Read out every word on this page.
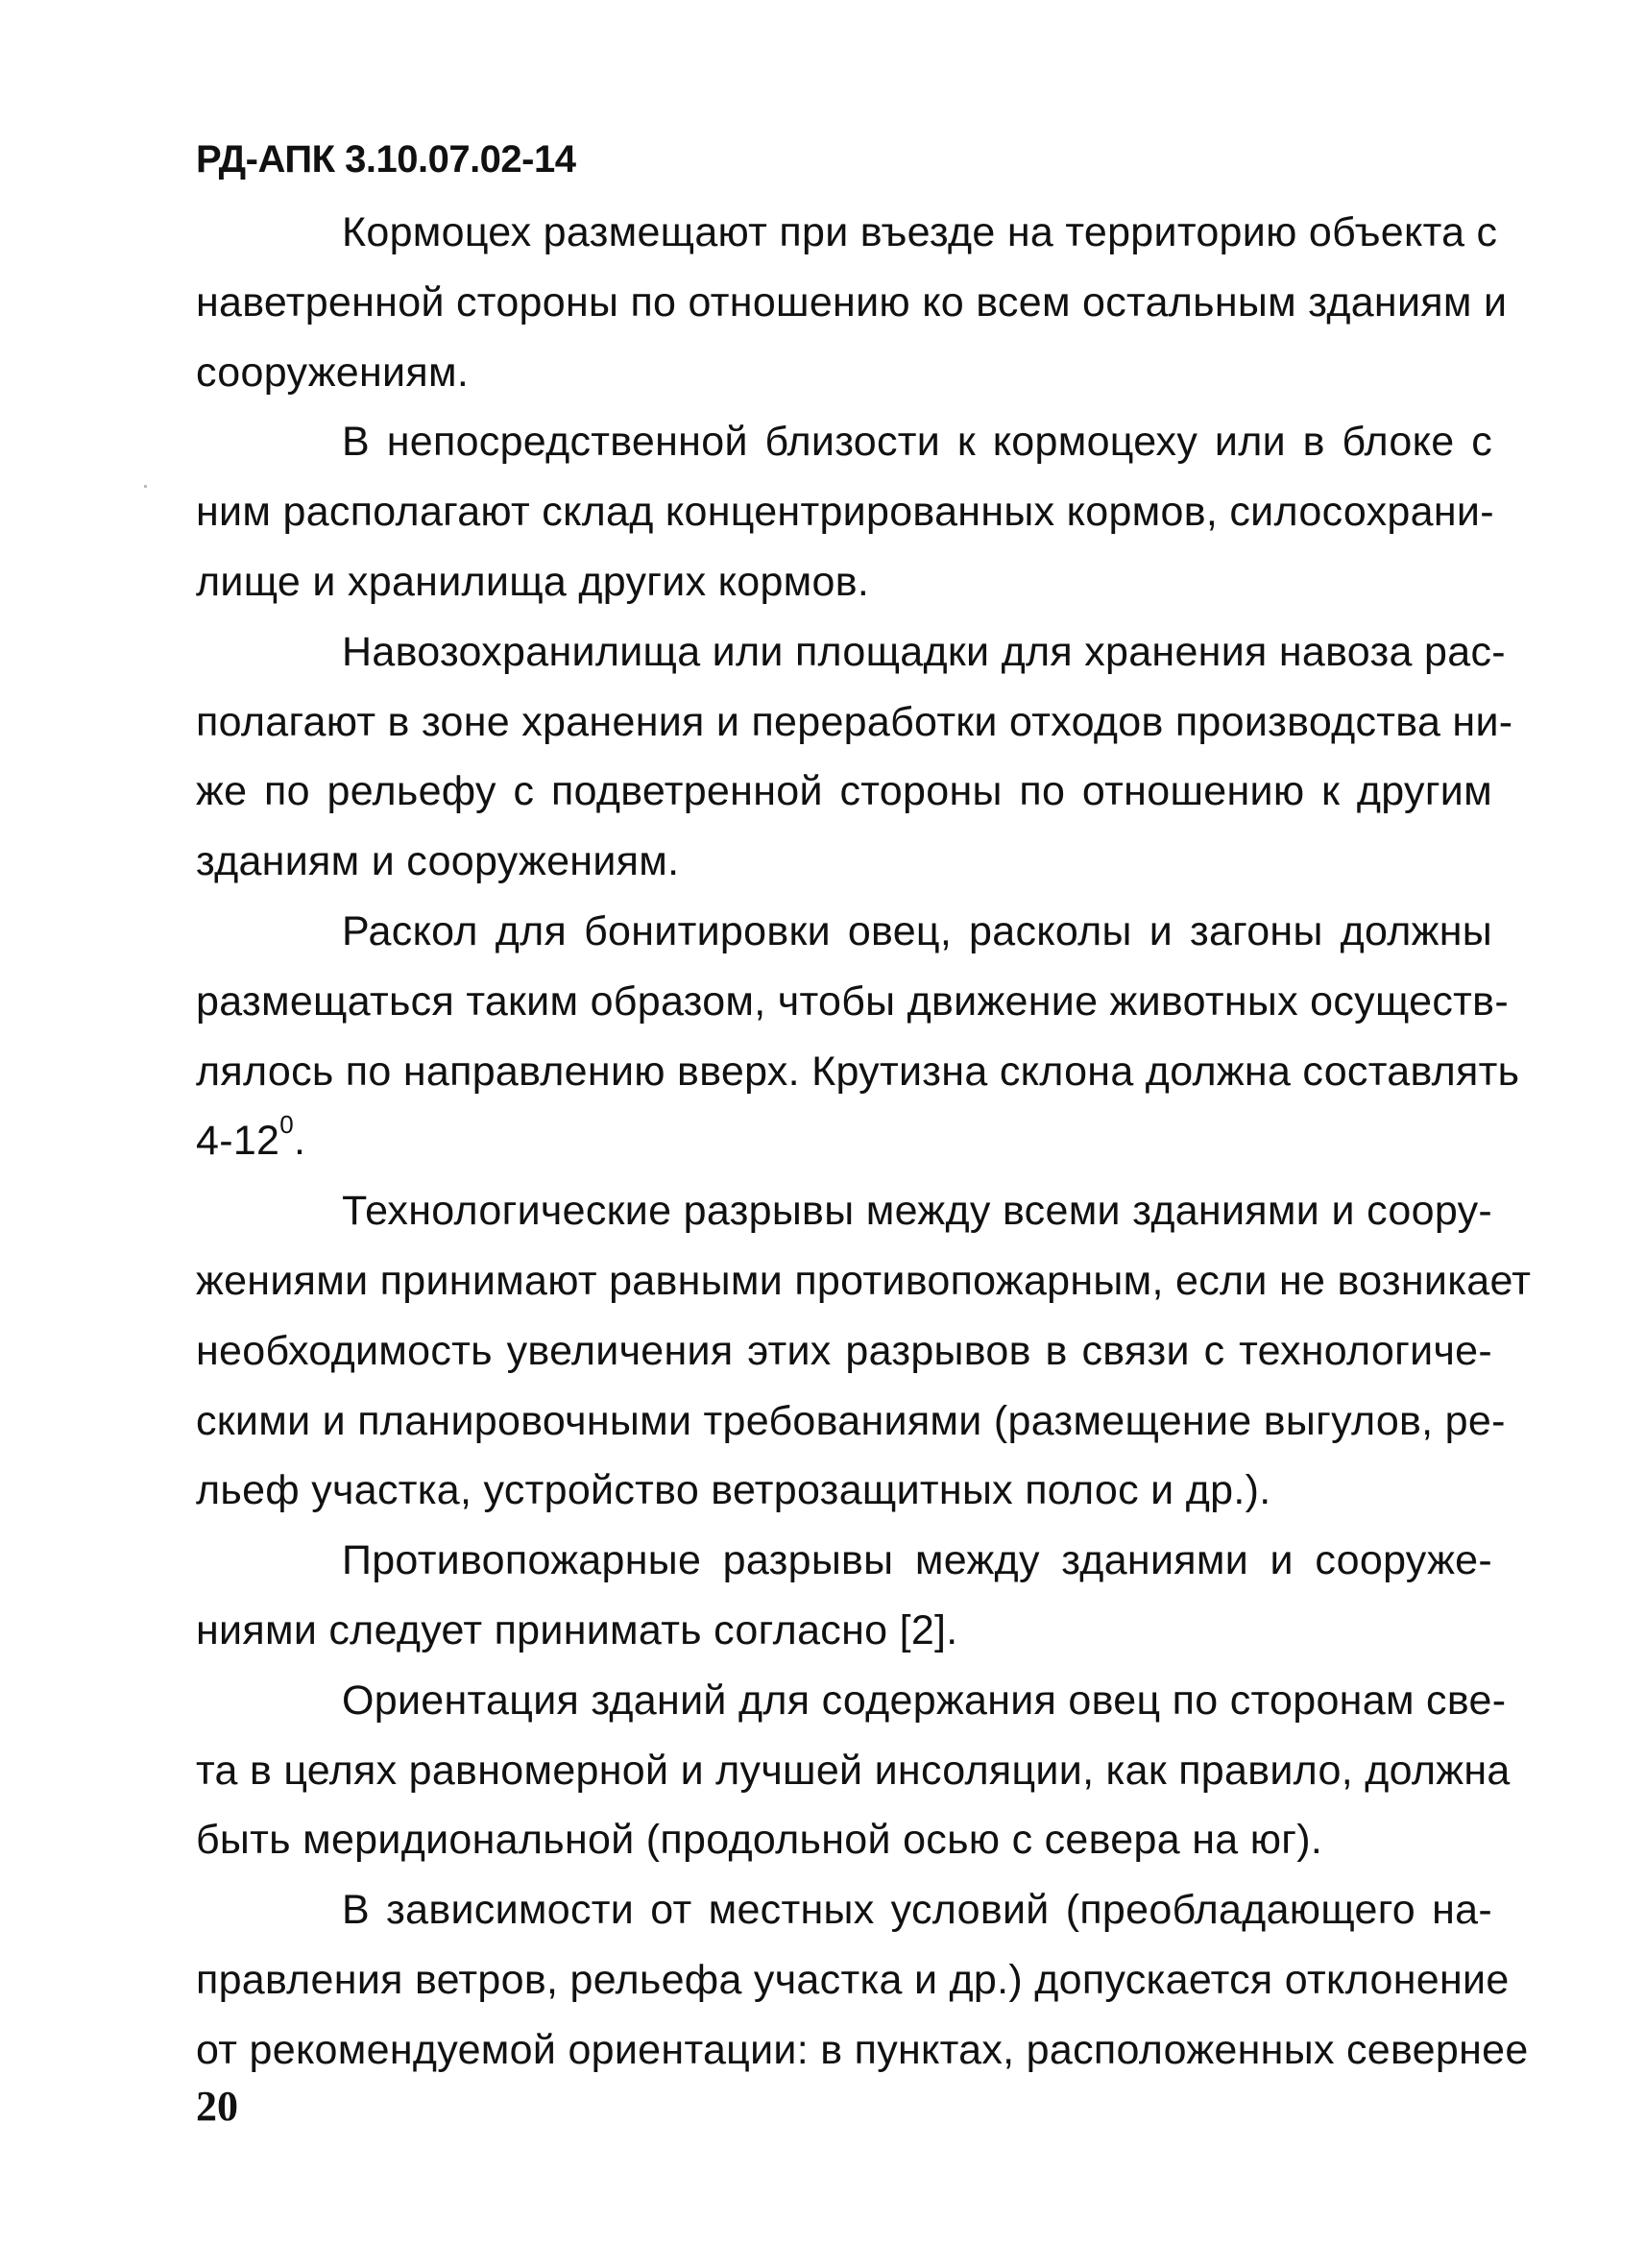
РД-АПК 3.10.07.02-14
Кормоцех размещают при въезде на территорию объекта с
наветренной стороны по отношению ко всем остальным зданиям и
сооружениям.
В непосредственной близости к кормоцеху или в блоке с
ним располагают склад концентрированных кормов, силосохрани-
лище и хранилища других кормов.
Навозохранилища или площадки для хранения навоза рас-
полагают в зоне хранения и переработки отходов производства ни-
же по рельефу с подветренной стороны по отношению к другим
зданиям и сооружениям.
Раскол для бонитировки овец, расколы и загоны должны
размещаться таким образом, чтобы движение животных осуществ-
лялось по направлению вверх. Крутизна склона должна составлять
$4-12^0$.
Технологические разрывы между всеми зданиями и соору-
жениями принимают равными противопожарным, если не возникает
необходимость увеличения этих разрывов в связи с технологиче-
скими и планировочными требованиями (размещение выгулов, ре-
льеф участка, устройство ветрозащитных полос и др.).
Противопожарные разрывы между зданиями и сооруже-
ниями следует принимать согласно [2].
Ориентация зданий для содержания овец по сторонам све-
та в целях равномерной и лучшей инсоляции, как правило, должна
быть меридиональной (продольной осью с севера на юг).
В зависимости от местных условий (преобладающего на-
правления ветров, рельефа участка и др.) допускается отклонение
от рекомендуемой ориентации: в пунктах, расположенных севернее
20
